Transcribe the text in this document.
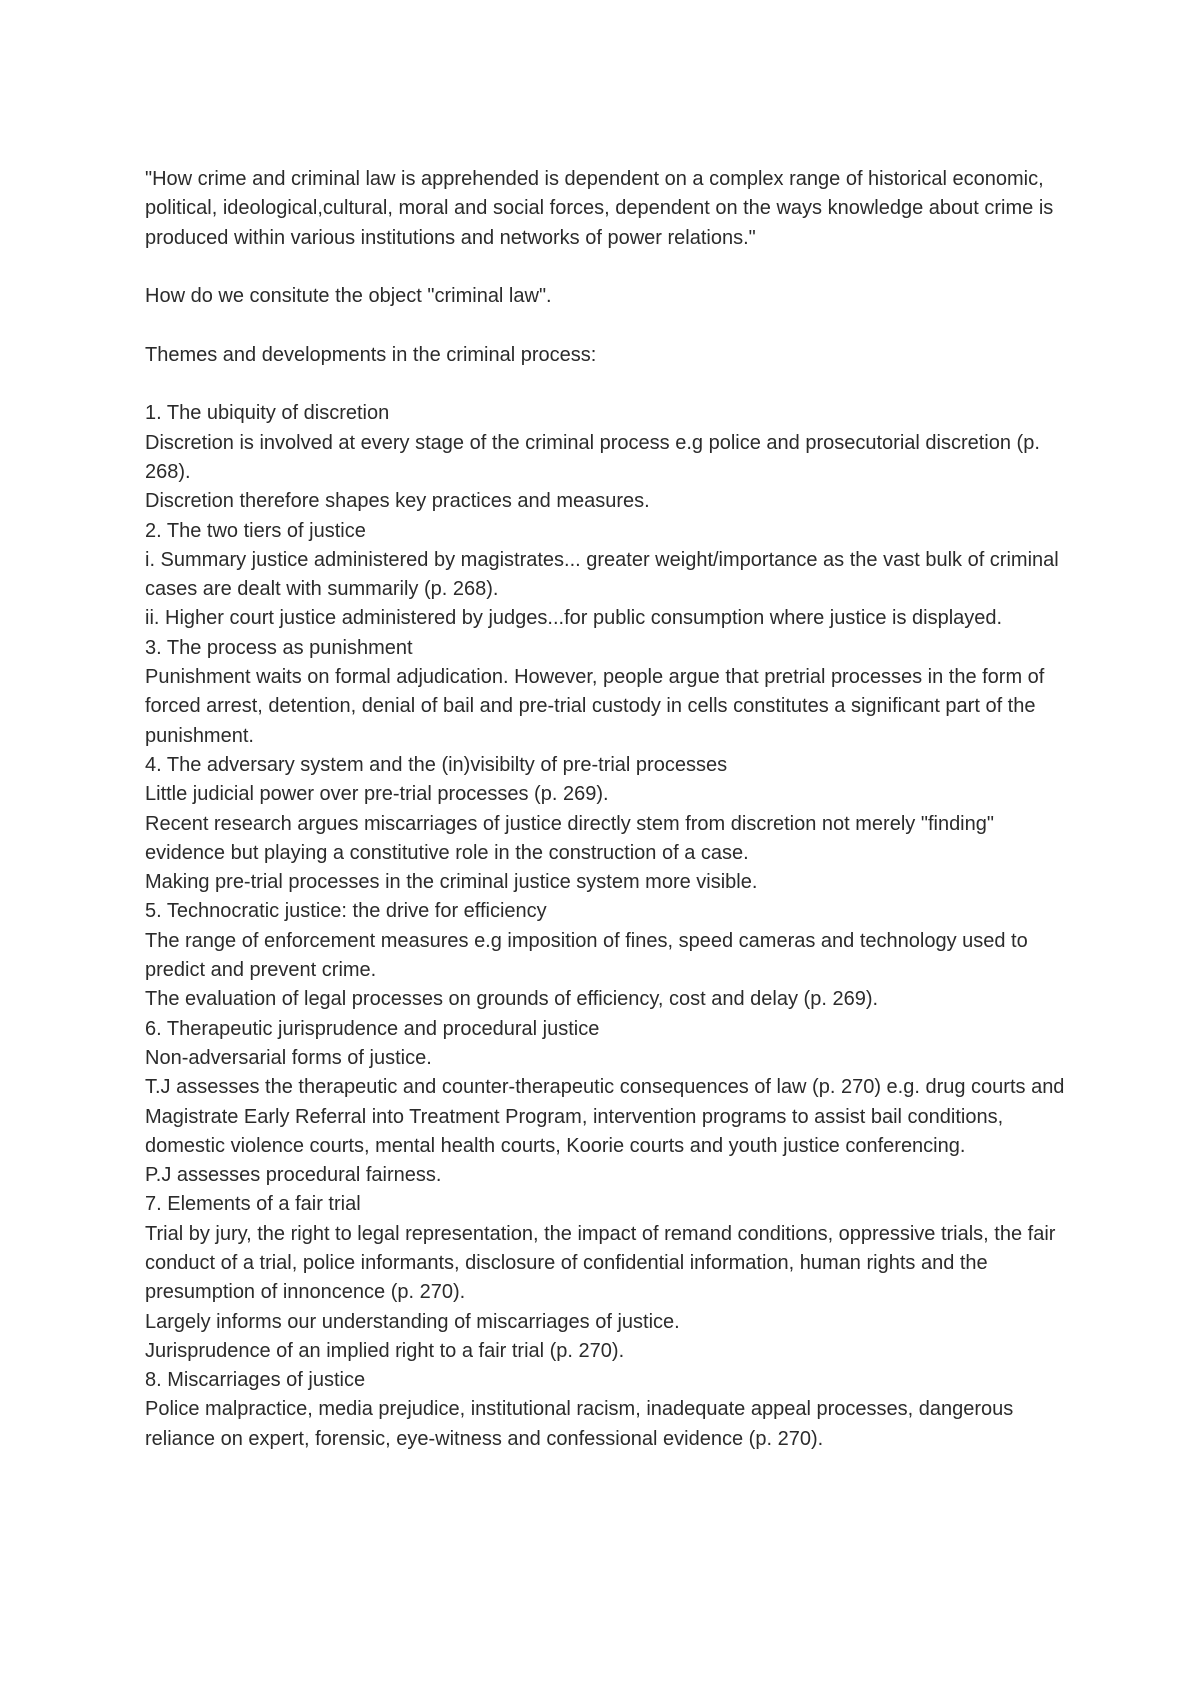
"How crime and criminal law is apprehended is dependent on a complex range of historical economic, political, ideological,cultural, moral and social forces, dependent on the ways knowledge about crime is produced within various institutions and networks of power relations."

How do we consitute the object "criminal law".

Themes and developments in the criminal process:

1. The ubiquity of discretion

Discretion is involved at every stage of the criminal process e.g police and prosecutorial discretion (p. 268).

Discretion therefore shapes key practices and measures.

2. The two tiers of justice

i. Summary justice administered by magistrates... greater weight/importance as the vast bulk of criminal cases are dealt with summarily (p. 268).

ii. Higher court justice administered by judges...for public consumption where justice is displayed.

3. The process as punishment

Punishment waits on formal adjudication. However, people argue that pretrial processes in the form of forced arrest, detention, denial of bail and pre-trial custody in cells constitutes a significant part of the punishment.

4. The adversary system and the (in)visibilty of pre-trial processes

Little judicial power over pre-trial processes (p. 269).

Recent research argues miscarriages of justice directly stem from discretion not merely "finding" evidence but playing a constitutive role in the construction of a case.

Making pre-trial processes in the criminal justice system more visible.

5. Technocratic justice: the drive for efficiency

The range of enforcement measures e.g imposition of fines, speed cameras and technology used to predict and prevent crime.

The evaluation of legal processes on grounds of efficiency, cost and delay (p. 269).

6. Therapeutic jurisprudence and procedural justice

Non-adversarial forms of justice.

T.J assesses the therapeutic and counter-therapeutic consequences of law (p. 270) e.g. drug courts and Magistrate Early Referral into Treatment Program, intervention programs to assist bail conditions, domestic violence courts, mental health courts, Koorie courts and youth justice conferencing.

P.J assesses procedural fairness.

7. Elements of a fair trial

Trial by jury, the right to legal representation, the impact of remand conditions, oppressive trials, the fair conduct of a trial, police informants, disclosure of confidential information, human rights and the presumption of innoncence (p. 270).

Largely informs our understanding of miscarriages of justice.

Jurisprudence of an implied right to a fair trial (p. 270).

8. Miscarriages of justice

Police malpractice, media prejudice, institutional racism, inadequate appeal processes, dangerous reliance on expert, forensic, eye-witness and confessional evidence (p. 270).
